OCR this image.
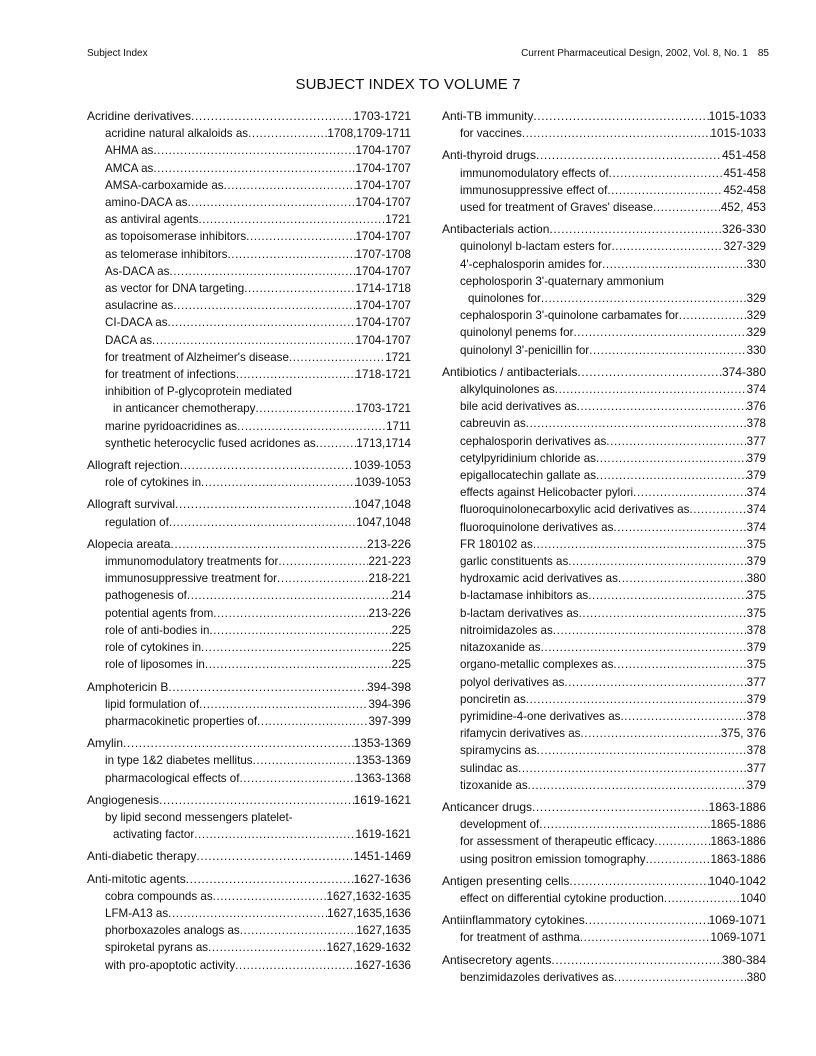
Subject Index	Current Pharmaceutical Design, 2002, Vol. 8, No. 1 85
SUBJECT INDEX TO VOLUME 7
Acridine derivatives .....	1703-1721
acridine natural alkaloids as .....	1708,1709-1711
AHMA as .....	1704-1707
AMCA as .....	1704-1707
AMSA-carboxamide as .....	1704-1707
amino-DACA as .....	1704-1707
as antiviral agents .....	1721
as topoisomerase inhibitors .....	1704-1707
as telomerase inhibitors .....	1707-1708
As-DACA as .....	1704-1707
as vector for DNA targeting .....	1714-1718
asulacrine as .....	1704-1707
CI-DACA as .....	1704-1707
DACA as .....	1704-1707
for treatment of Alzheimer's disease .....	1721
for treatment of infections .....	1718-1721
inhibition of P-glycoprotein mediated
in anticancer chemotherapy .....	1703-1721
marine pyridoacridines as .....	1711
synthetic heterocyclic fused acridones as .....	1713,1714
Allograft rejection .....	1039-1053
role of cytokines in .....	1039-1053
Allograft survival .....	1047,1048
regulation of .....	1047,1048
Alopecia areata .....	213-226
immunomodulatory treatments for .....	221-223
immunosuppressive treatment for .....	218-221
pathogenesis of .....	214
potential agents from .....	213-226
role of anti-bodies in .....	225
role of cytokines in .....	225
role of liposomes in .....	225
Amphotericin B .....	394-398
lipid formulation of .....	394-396
pharmacokinetic properties of .....	397-399
Amylin .....	1353-1369
in type 1&2 diabetes mellitus .....	1353-1369
pharmacological effects of .....	1363-1368
Angiogenesis .....	1619-1621
by lipid second messengers platelet-
activating factor .....	1619-1621
Anti-diabetic therapy .....	1451-1469
Anti-mitotic agents .....	1627-1636
cobra compounds as .....	1627,1632-1635
LFM-A13 as .....	1627,1635,1636
phorboxazoles analogs as .....	1627,1635
spiroketal pyrans as .....	1627,1629-1632
with pro-apoptotic activity .....	1627-1636
Anti-TB immunity .....	1015-1033
for vaccines .....	1015-1033
Anti-thyroid drugs .....	451-458
immunomodulatory effects of .....	451-458
immunosuppressive effect of .....	452-458
used for treatment of Graves' disease .....	452, 453
Antibacterials action .....	326-330
quinolonyl b-lactam esters for .....	327-329
4'-cephalosporin amides for .....	330
cepholosporin 3'-quaternary ammonium
quinolones for .....	329
cephalosporin 3'-quinolone carbamates for .....	329
quinolonyl penems for .....	329
quinolonyl 3'-penicillin for .....	330
Antibiotics / antibacterials .....	374-380
alkylquinolones as .....	374
bile acid derivatives as .....	376
cabreuvin as .....	378
cephalosporin derivatives as .....	377
cetylpyridinium chloride as .....	379
epigallocatechin gallate as .....	379
effects against Helicobacter pylori .....	374
fluoroquinolonecarboxylic acid derivatives as .....	374
fluoroquinolone derivatives as .....	374
FR 180102 as .....	375
garlic constituents as .....	379
hydroxamic acid derivatives as .....	380
b-lactamase inhibitors as .....	375
b-lactam derivatives as .....	375
nitroimidazoles as .....	378
nitazoxanide as .....	379
organo-metallic complexes as .....	375
polyol derivatives as .....	377
ponciretin as .....	379
pyrimidine-4-one derivatives as .....	378
rifamycin derivatives as .....	375, 376
spiramycins as .....	378
sulindac as .....	377
tizoxanide as .....	379
Anticancer drugs .....	1863-1886
development of .....	1865-1886
for assessment of therapeutic efficacy .....	1863-1886
using positron emission tomography .....	1863-1886
Antigen presenting cells .....	1040-1042
effect on differential cytokine production .....	1040
Antiinflammatory cytokines .....	1069-1071
for treatment of asthma .....	1069-1071
Antisecretory agents .....	380-384
benzimidazoles derivatives as .....	380
